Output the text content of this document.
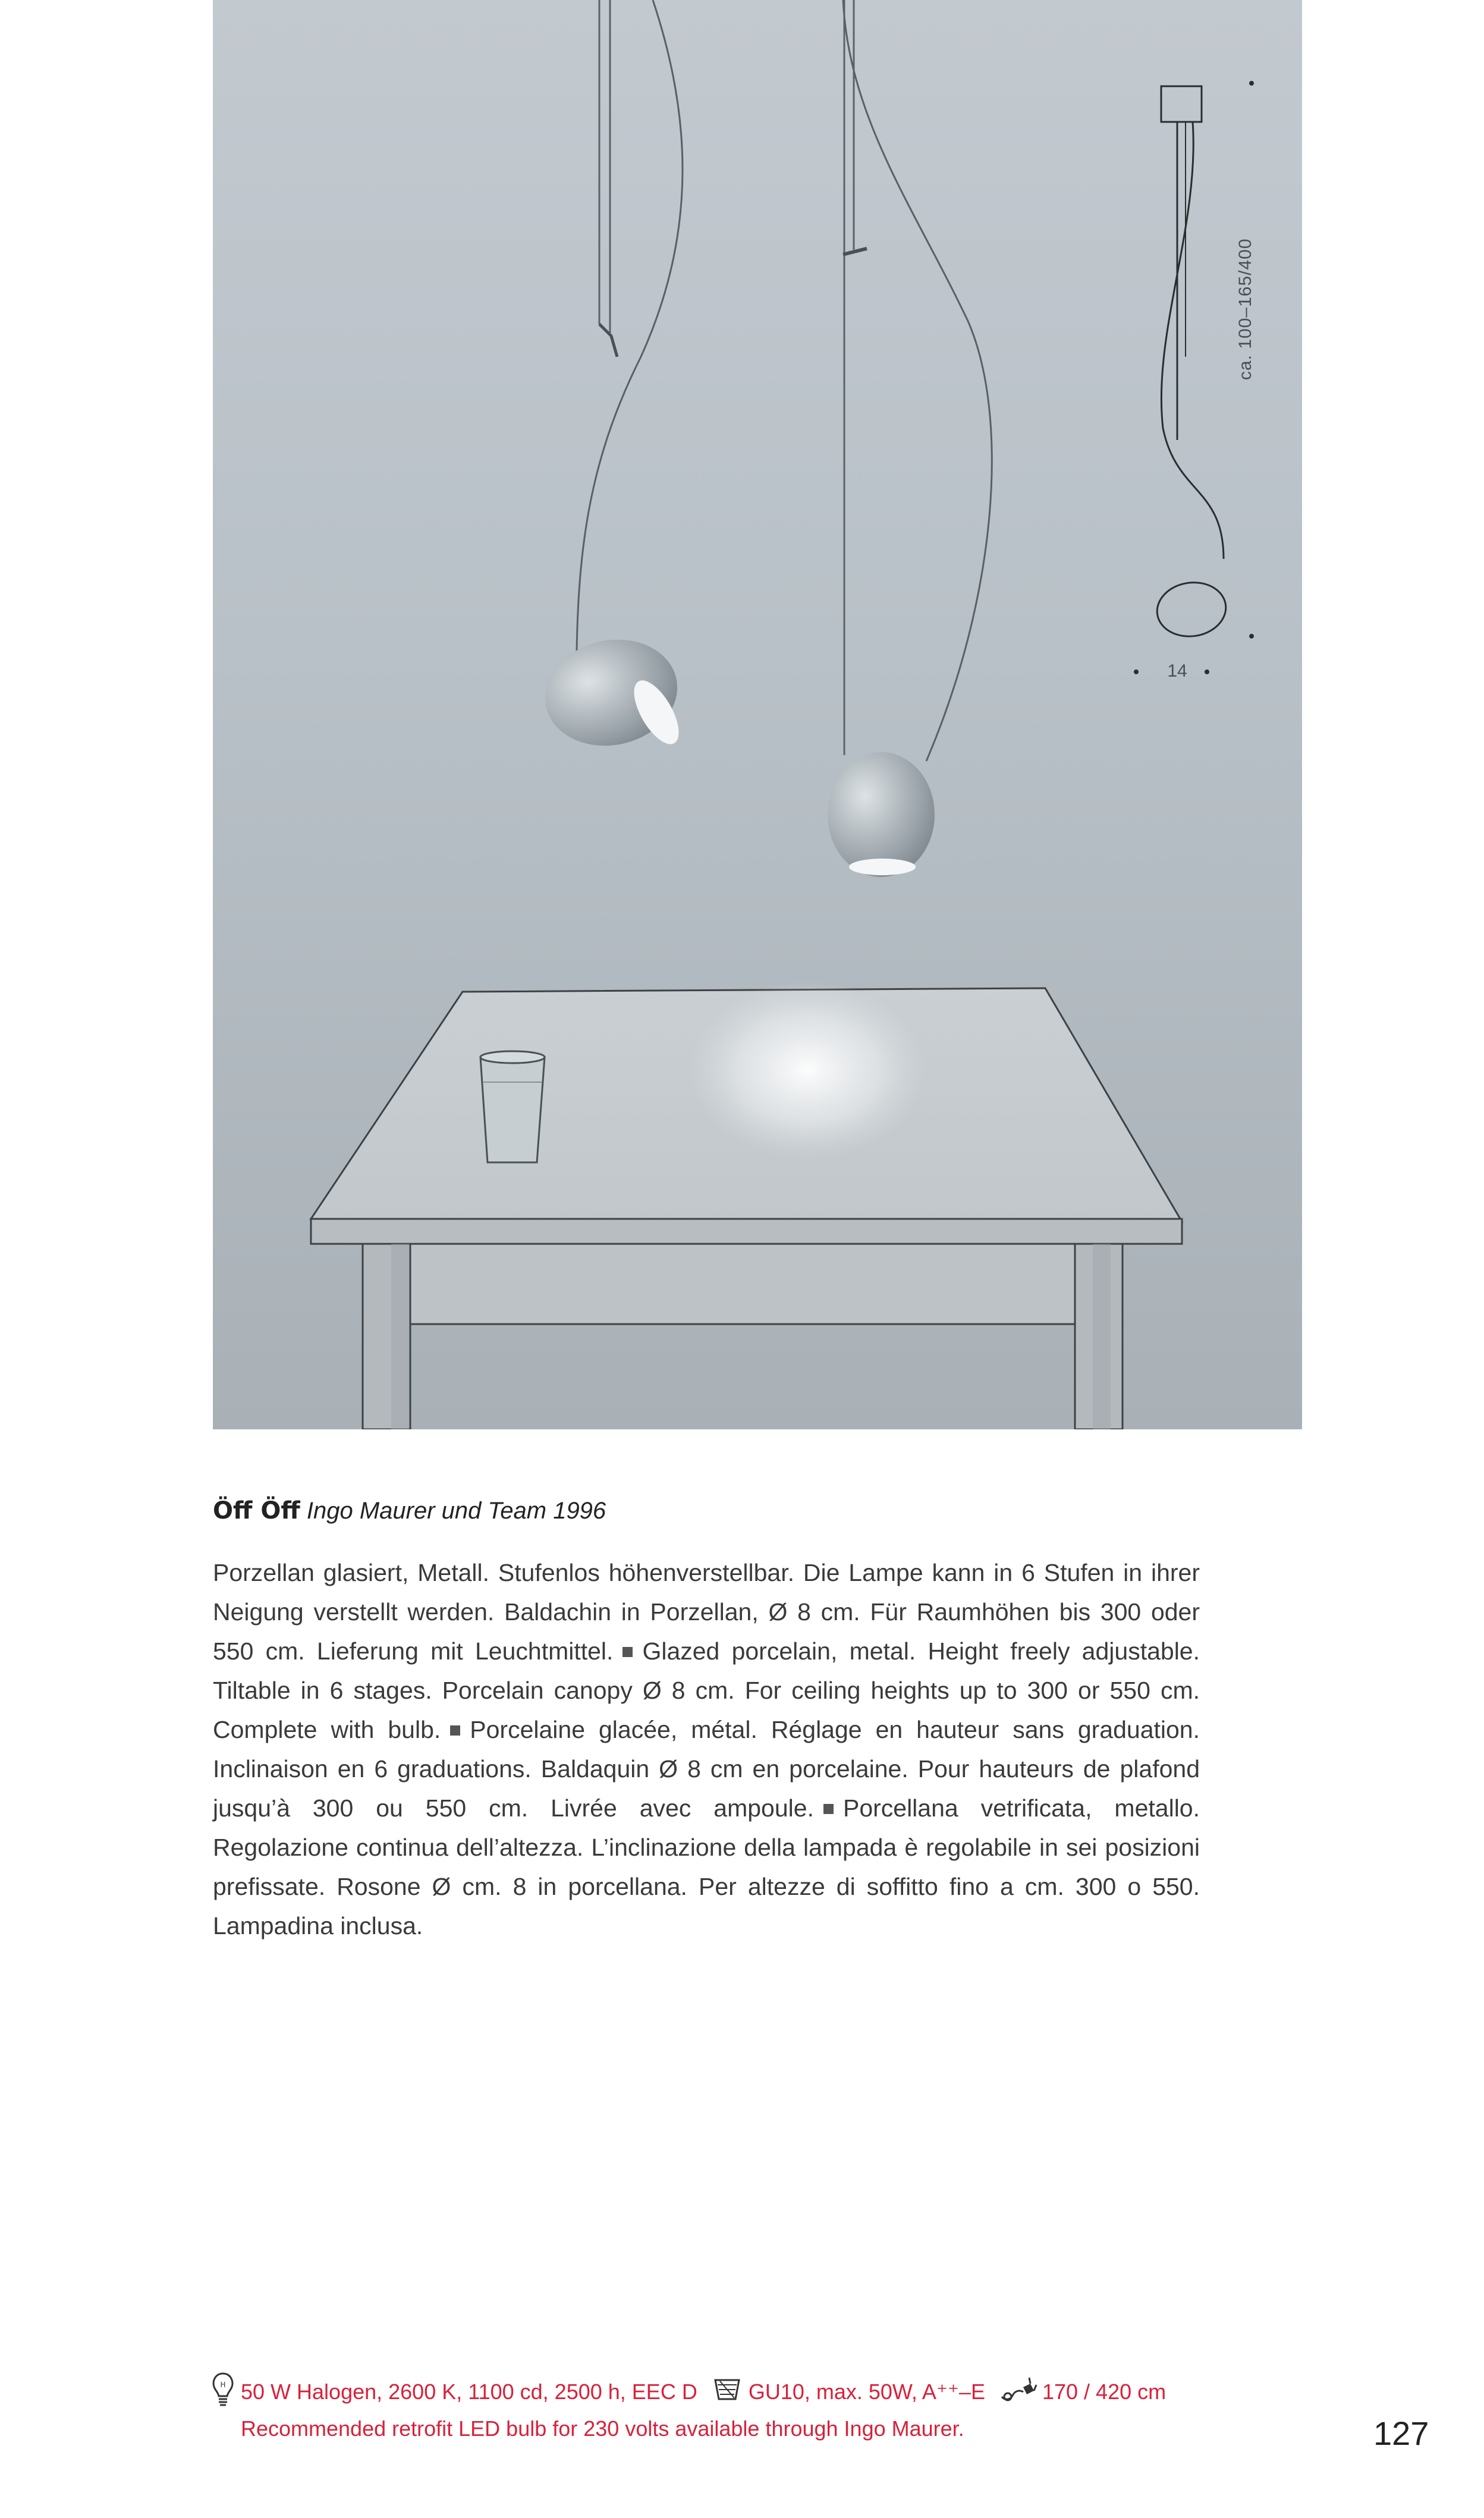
ca. 100–165/400
14
Öff Öff Ingo Maurer und Team 1996
Porzellan glasiert, Metall. Stufenlos höhenverstellbar. Die Lampe kann in 6 Stufen in ihrer Neigung verstellt werden. Baldachin in Porzellan, Ø 8 cm. Für Raumhöhen bis 300 oder 550 cm. Lieferung mit Leuchtmittel. Glazed porcelain, metal. Height freely adjustable. Tiltable in 6 stages. Porcelain canopy Ø 8 cm. For ceiling heights up to 300 or 550 cm. Complete with bulb. Porcelaine glacée, métal. Réglage en hauteur sans graduation. Inclinaison en 6 graduations. Baldaquin Ø 8 cm en porcelaine. Pour hauteurs de plafond jusqu’à 300 ou 550 cm. Livrée avec ampoule. Porcellana vetrificata, metallo. Regolazione continua dell’altezza. L’inclinazione della lampada è regolabile in sei posizioni prefissate. Rosone Ø cm. 8 in porcellana. Per altezze di soffitto fino a cm. 300 o 550. Lampadina inclusa.
H 50 W Halogen, 2600 K, 1100 cd, 2500 h, EEC D GU10, max. 50W, A⁺⁺–E	170 / 420 cm
Recommended retrofit LED bulb for 230 volts available through Ingo Maurer.	127
